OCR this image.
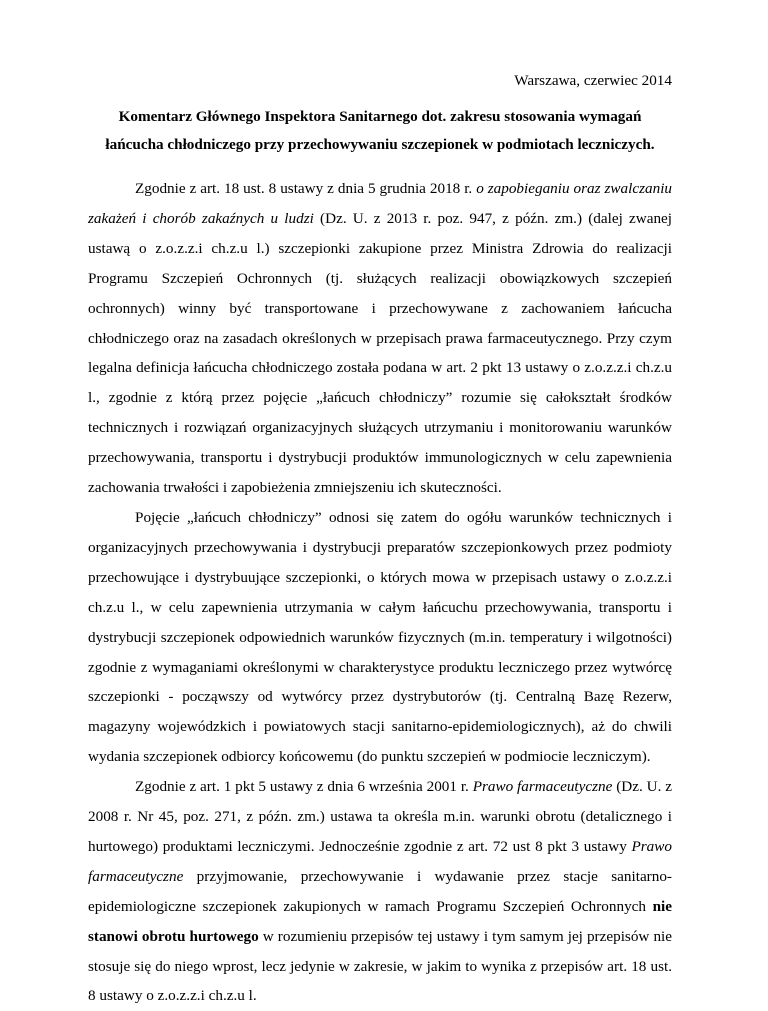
Warszawa, czerwiec 2014
Komentarz Głównego Inspektora Sanitarnego dot. zakresu stosowania wymagań
łańcucha chłodniczego przy przechowywaniu szczepionek w podmiotach leczniczych.

Zgodnie z art. 18 ust. 8 ustawy z dnia 5 grudnia 2018 r. o zapobieganiu oraz zwalczaniu zakażeń i chorób zakaźnych u ludzi (Dz. U. z 2013 r. poz. 947, z późn. zm.) (dalej zwanej ustawą o z.o.z.z.i ch.z.u l.) szczepionki zakupione przez Ministra Zdrowia do realizacji Programu Szczepień Ochronnych (tj. służących realizacji obowiązkowych szczepień ochronnych) winny być transportowane i przechowywane z zachowaniem łańcucha chłodniczego oraz na zasadach określonych w przepisach prawa farmaceutycznego. Przy czym legalna definicja łańcucha chłodniczego została podana w art. 2 pkt 13 ustawy o z.o.z.z.i ch.z.u l., zgodnie z którą przez pojęcie „łańcuch chłodniczy” rozumie się całokształt środków technicznych i rozwiązań organizacyjnych służących utrzymaniu i monitorowaniu warunków przechowywania, transportu i dystrybucji produktów immunologicznych w celu zapewnienia zachowania trwałości i zapobieżenia zmniejszeniu ich skuteczności.

Pojęcie „łańcuch chłodniczy” odnosi się zatem do ogółu warunków technicznych i organizacyjnych przechowywania i dystrybucji preparatów szczepionkowych przez podmioty przechowujące i dystrybuujące szczepionki, o których mowa w przepisach ustawy o z.o.z.z.i ch.z.u l., w celu zapewnienia utrzymania w całym łańcuchu przechowywania, transportu i dystrybucji szczepionek odpowiednich warunków fizycznych (m.in. temperatury i wilgotności) zgodnie z wymaganiami określonymi w charakterystyce produktu leczniczego przez wytwórcę szczepionki - począwszy od wytwórcy przez dystrybutorów (tj. Centralną Bazę Rezerw, magazyny wojewódzkich i powiatowych stacji sanitarno-epidemiologicznych), aż do chwili wydania szczepionek odbiorcy końcowemu (do punktu szczepień w podmiocie leczniczym).

Zgodnie z art. 1 pkt 5 ustawy z dnia 6 września 2001 r. Prawo farmaceutyczne (Dz. U. z 2008 r. Nr 45, poz. 271, z późn. zm.) ustawa ta określa m.in. warunki obrotu (detalicznego i hurtowego) produktami leczniczymi. Jednocześnie zgodnie z art. 72 ust 8 pkt 3 ustawy Prawo farmaceutyczne przyjmowanie, przechowywanie i wydawanie przez stacje sanitarno-epidemiologiczne szczepionek zakupionych w ramach Programu Szczepień Ochronnych nie stanowi obrotu hurtowego w rozumieniu przepisów tej ustawy i tym samym jej przepisów nie stosuje się do niego wprost, lecz jedynie w zakresie, w jakim to wynika z przepisów art. 18 ust. 8 ustawy o z.o.z.z.i ch.z.u l.
